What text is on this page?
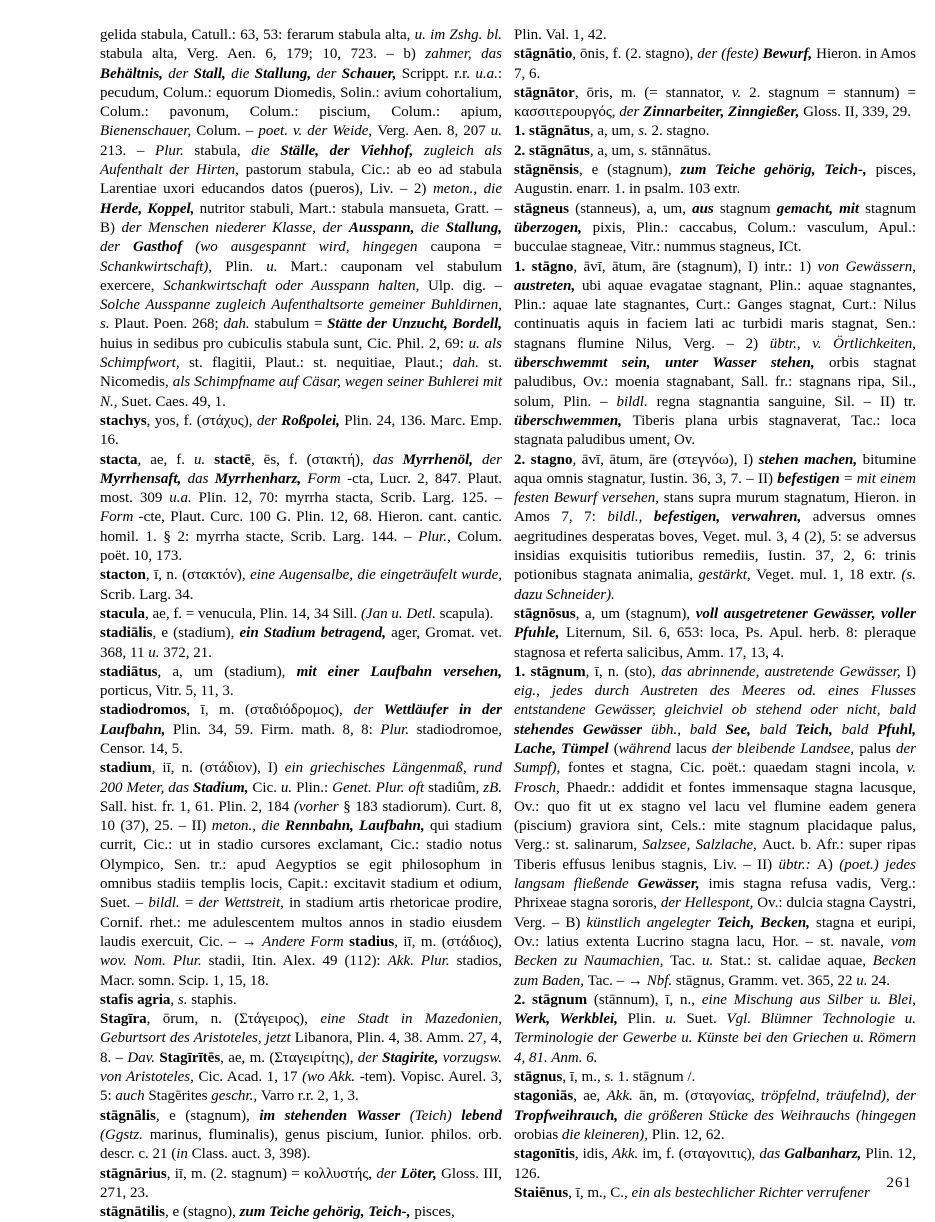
gelida stabula, Catull.: 63, 53: ferarum stabula alta, u. im Zshg. bl. stabula alta, Verg. Aen. 6, 179; 10, 723. – b) zahmer, das Behältnis, der Stall, die Stallung, der Schauer, Scrippt. r.r. u.a.: pecudum, Colum.: equorum Diomedis, Solin.: avium cohortalium, Colum.: pavonum, Colum.: piscium, Colum.: apium, Bienenschauer, Colum. – poet. v. der Weide, Verg. Aen. 8, 207 u. 213. – Plur. stabula, die Ställe, der Viehhof, zugleich als Aufenthalt der Hirten, pastorum stabula, Cic.: ab eo ad stabula Larentiae uxori educandos datos (pueros), Liv. – 2) meton., die Herde, Koppel, nutritor stabuli, Mart.: stabula mansueta, Gratt. – B) der Menschen niederer Klasse, der Ausspann, die Stallung, der Gasthof (wo ausgespannt wird, hingegen caupona = Schankwirtschaft), Plin. u. Mart.: cauponam vel stabulum exercere, Schankwirtschaft oder Ausspann halten, Ulp. dig. – Solche Ausspanne zugleich Aufenthaltsorte gemeiner Buhldirnen, s. Plaut. Poen. 268; dah. stabulum = Stätte der Unzucht, Bordell, huius in sedibus pro cubiculis stabula sunt, Cic. Phil. 2, 69: u. als Schimpfwort, st. flagitii, Plaut.: st. nequitiae, Plaut.; dah. st. Nicomedis, als Schimpfname auf Cäsar, wegen seiner Buhlerei mit N., Suet. Caes. 49, 1.

stachys, yos, f. (στάχυς), der Roßpolei, Plin. 24, 136. Marc. Emp. 16.

stacta, ae, f. u. stactē, ēs, f. (στακτή), das Myrrhenöl, der Myrrhensaft, das Myrrhenharz, Form -cta, Lucr. 2, 847. Plaut. most. 309 u.a. Plin. 12, 70: myrrha stacta, Scrib. Larg. 125. – Form -cte, Plaut. Curc. 100 G. Plin. 12, 68. Hieron. cant. cantic. homil. 1. § 2: myrrha stacte, Scrib. Larg. 144. – Plur., Colum. poët. 10, 173.

stacton, ī, n. (στακτόν), eine Augensalbe, die eingeträufelt wurde, Scrib. Larg. 34.

stacula, ae, f. = venucula, Plin. 14, 34 Sill. (Jan u. Detl. scapula).

stadiālis, e (stadium), ein Stadium betragend, ager, Gromat. vet. 368, 11 u. 372, 21.

stadiātus, a, um (stadium), mit einer Laufbahn versehen, porticus, Vitr. 5, 11, 3.

stadiodromos, ī, m. (σταδιόδρομος), der Wettläufer in der Laufbahn, Plin. 34, 59. Firm. math. 8, 8: Plur. stadiodromoe, Censor. 14, 5.

stadium, iī, n. (στάδιον), I) ein griechisches Längenmaß, rund 200 Meter, das Stadium, Cic. u. Plin.: Genet. Plur. oft stadiûm, zB. Sall. hist. fr. 1, 61. Plin. 2, 184 (vorher § 183 stadiorum). Curt. 8, 10 (37), 25. – II) meton., die Rennbahn, Laufbahn, qui stadium currit, Cic.: ut in stadio cursores exclamant, Cic.: stadio notus Olympico, Sen. tr.: apud Aegyptios se egit philosophum in omnibus stadiis templis locis, Capit.: excitavit stadium et odium, Suet. – bildl. = der Wettstreit, in stadium artis rhetoricae prodire, Cornif. rhet.: me adulescentem multos annos in stadio eiusdem laudis exercuit, Cic. – → Andere Form stadius, iī, m. (στάδιος), wov. Nom. Plur. stadii, Itin. Alex. 49 (112): Akk. Plur. stadios, Macr. somn. Scip. 1, 15, 18.

stafis agria, s. staphis.

Stagīra, ōrum, n. (Στάγειρος), eine Stadt in Mazedonien, Geburtsort des Aristoteles, jetzt Libanora, Plin. 4, 38. Amm. 27, 4, 8. – Dav. Stagīrītēs, ae, m. (Σταγειρίτης), der Stagirite, vorzugsw. von Aristoteles, Cic. Acad. 1, 17 (wo Akk. -tem). Vopisc. Aurel. 3, 5: auch Stagērites geschr., Varro r.r. 2, 1, 3.

stāgnālis, e (stagnum), im stehenden Wasser (Teich) lebend (Ggstz. marinus, fluminalis), genus piscium, Iunior. philos. orb. descr. c. 21 (in Class. auct. 3, 398).

stāgnārius, iī, m. (2. stagnum) = κολλυστής, der Löter, Gloss. III, 271, 23.

stāgnātilis, e (stagno), zum Teiche gehörig, Teich-, pisces,

Plin. Val. 1, 42.

stāgnātio, ōnis, f. (2. stagno), der (feste) Bewurf, Hieron. in Amos 7, 6.

stāgnātor, ōris, m. (= stannator, v. 2. stagnum = stannum) = κασσιτερουργός, der Zinnarbeiter, Zinngießer, Gloss. II, 339, 29.

1. stāgnātus, a, um, s. 2. stagno.

2. stāgnātus, a, um, s. stānnātus.

stāgnēnsis, e (stagnum), zum Teiche gehörig, Teich-, pisces, Augustin. enarr. 1. in psalm. 103 extr.

stāgneus (stanneus), a, um, aus stagnum gemacht, mit stagnum überzogen, pixis, Plin.: caccabus, Colum.: vasculum, Apul.: bucculae stagneae, Vitr.: nummus stagneus, ICt.

1. stāgno, āvī, ātum, āre (stagnum), I) intr.: 1) von Gewässern, austreten, ubi aquae evagatae stagnant, Plin.: aquae stagnantes, Plin.: aquae late stagnantes, Curt.: Ganges stagnat, Curt.: Nilus continuatis aquis in faciem lati ac turbidi maris stagnat, Sen.: stagnans flumine Nilus, Verg. – 2) übtr., v. Örtlichkeiten, überschwemmt sein, unter Wasser stehen, orbis stagnat paludibus, Ov.: moenia stagnabant, Sall. fr.: stagnans ripa, Sil., solum, Plin. – bildl. regna stagnantia sanguine, Sil. – II) tr. überschwemmen, Tiberis plana urbis stagnaverat, Tac.: loca stagnata paludibus ument, Ov.

2. stagno, āvī, ātum, āre (στεγνόω), I) stehen machen, bitumine aqua omnis stagnatur, Iustin. 36, 3, 7. – II) befestigen = mit einem festen Bewurf versehen, stans supra murum stagnatum, Hieron. in Amos 7, 7: bildl., befestigen, verwahren, adversus omnes aegritudines desperatas boves, Veget. mul. 3, 4 (2), 5: se adversus insidias exquisitis tutioribus remediis, Iustin. 37, 2, 6: trinis potionibus stagnata animalia, gestärkt, Veget. mul. 1, 18 extr. (s. dazu Schneider).

stāgnōsus, a, um (stagnum), voll ausgetretener Gewässer, voller Pfuhle, Liternum, Sil. 6, 653: loca, Ps. Apul. herb. 8: pleraque stagnosa et referta salicibus, Amm. 17, 13, 4.

1. stāgnum, ī, n. (sto), das abrinnende, austretende Gewässer, I) eig., jedes durch Austreten des Meeres od. eines Flusses entstandene Gewässer, gleichviel ob stehend oder nicht, bald stehendes Gewässer übh., bald See, bald Teich, bald Pfuhl, Lache, Tümpel (während lacus der bleibende Landsee, palus der Sumpf), fontes et stagna, Cic. poët.: quaedam stagni incola, v. Frosch, Phaedr.: addidit et fontes immensaque stagna lacusque, Ov.: quo fit ut ex stagno vel lacu vel flumine eadem genera (piscium) graviora sint, Cels.: mite stagnum placidaque palus, Verg.: st. salinarum, Salzsee, Salzlache, Auct. b. Afr.: super ripas Tiberis effusus lenibus stagnis, Liv. – II) übtr.: A) (poet.) jedes langsam fließende Gewässer, imis stagna refusa vadis, Verg.: Phrixeae stagna sororis, der Hellespont, Ov.: dulcia stagna Caystri, Verg. – B) künstlich angelegter Teich, Becken, stagna et euripi, Ov.: latius extenta Lucrino stagna lacu, Hor. – st. navale, vom Becken zu Naumachien, Tac. u. Stat.: st. calidae aquae, Becken zum Baden, Tac. – → Nbf. stāgnus, Gramm. vet. 365, 22 u. 24.

2. stāgnum (stānnum), ī, n., eine Mischung aus Silber u. Blei, Werk, Werkblei, Plin. u. Suet. Vgl. Blümner Technologie u. Terminologie der Gewerbe u. Künste bei den Griechen u. Römern 4, 81. Anm. 6.

stāgnus, ī, m., s. 1. stāgnum /.

stagoniās, ae, Akk. ān, m. (σταγονίας, tröpfelnd, träufelnd), der Tropfweihrauch, die größeren Stücke des Weihrauchs (hingegen orobias die kleineren), Plin. 12, 62.

stagonītis, idis, Akk. im, f. (σταγονιτις), das Galbanharz, Plin. 12, 126.

Staiēnus, ī, m., C., ein als bestechlicher Richter verrufener

261
